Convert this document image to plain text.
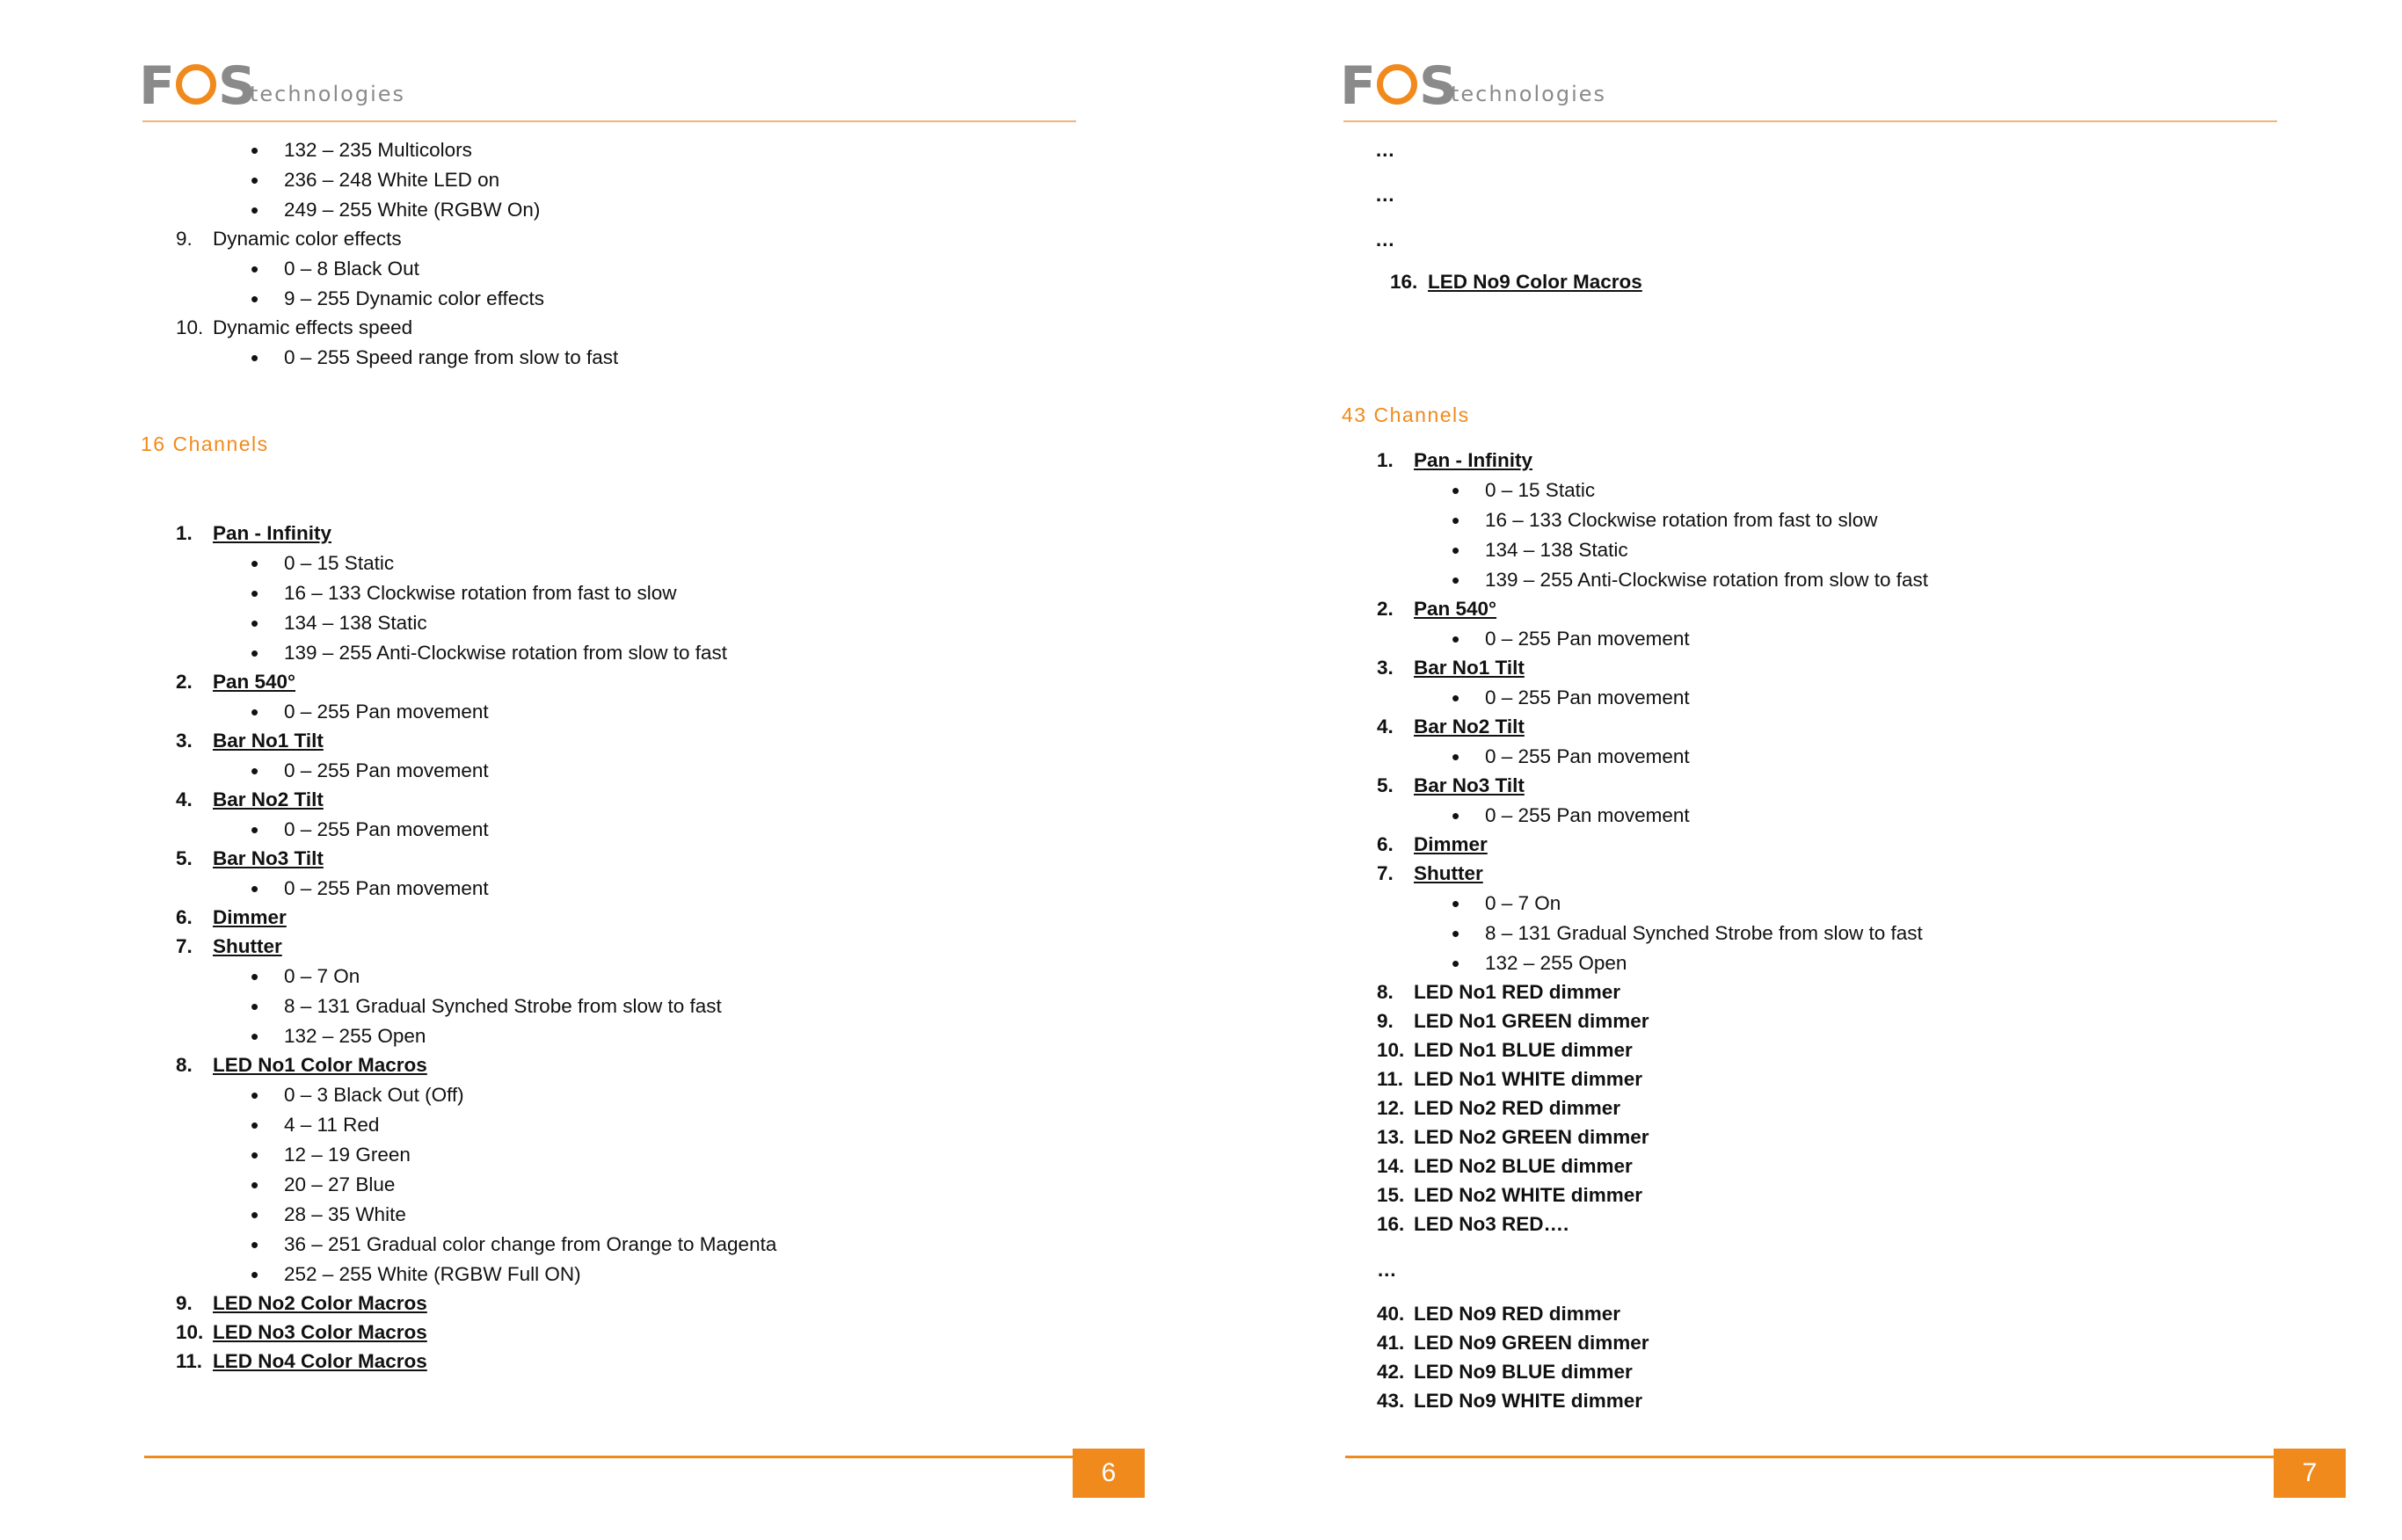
F S
technologies
• 132 – 235 Multicolors
• 236 – 248 White LED on
• 249 – 255 White (RGBW On)
9. Dynamic color effects
• 0 – 8 Black Out
• 9 – 255 Dynamic color effects
10. Dynamic effects speed
• 0 – 255 Speed range from slow to fast
16 Channels
1. Pan - Infinity
• 0 – 15 Static
• 16 – 133 Clockwise rotation from fast to slow
• 134 – 138 Static
• 139 – 255 Anti-Clockwise rotation from slow to fast
2. Pan 540°
• 0 – 255 Pan movement
3. Bar No1 Tilt
• 0 – 255 Pan movement
4. Bar No2 Tilt
• 0 – 255 Pan movement
5. Bar No3 Tilt
• 0 – 255 Pan movement
6. Dimmer
7. Shutter
• 0 – 7 On
• 8 – 131 Gradual Synched Strobe from slow to fast
• 132 – 255 Open
8. LED No1 Color Macros
• 0 – 3 Black Out (Off)
• 4 – 11 Red
• 12 – 19 Green
• 20 – 27 Blue
• 28 – 35 White
• 36 – 251 Gradual color change from Orange to Magenta
• 252 – 255 White (RGBW Full ON)
9. LED No2 Color Macros
10. LED No3 Color Macros
11. LED No4 Color Macros
6
F S
technologies
…
…
…
16. LED No9 Color Macros
43 Channels
1. Pan - Infinity
• 0 – 15 Static
• 16 – 133 Clockwise rotation from fast to slow
• 134 – 138 Static
• 139 – 255 Anti-Clockwise rotation from slow to fast
2. Pan 540°
• 0 – 255 Pan movement
3. Bar No1 Tilt
• 0 – 255 Pan movement
4. Bar No2 Tilt
• 0 – 255 Pan movement
5. Bar No3 Tilt
• 0 – 255 Pan movement
6. Dimmer
7. Shutter
• 0 – 7 On
• 8 – 131 Gradual Synched Strobe from slow to fast
• 132 – 255 Open
8. LED No1 RED dimmer
9. LED No1 GREEN dimmer
10. LED No1 BLUE dimmer
11. LED No1 WHITE dimmer
12. LED No2 RED dimmer
13. LED No2 GREEN dimmer
14. LED No2 BLUE dimmer
15. LED No2 WHITE dimmer
16. LED No3 RED….
…
40. LED No9 RED dimmer
41. LED No9 GREEN dimmer
42. LED No9 BLUE dimmer
43. LED No9 WHITE dimmer
7
